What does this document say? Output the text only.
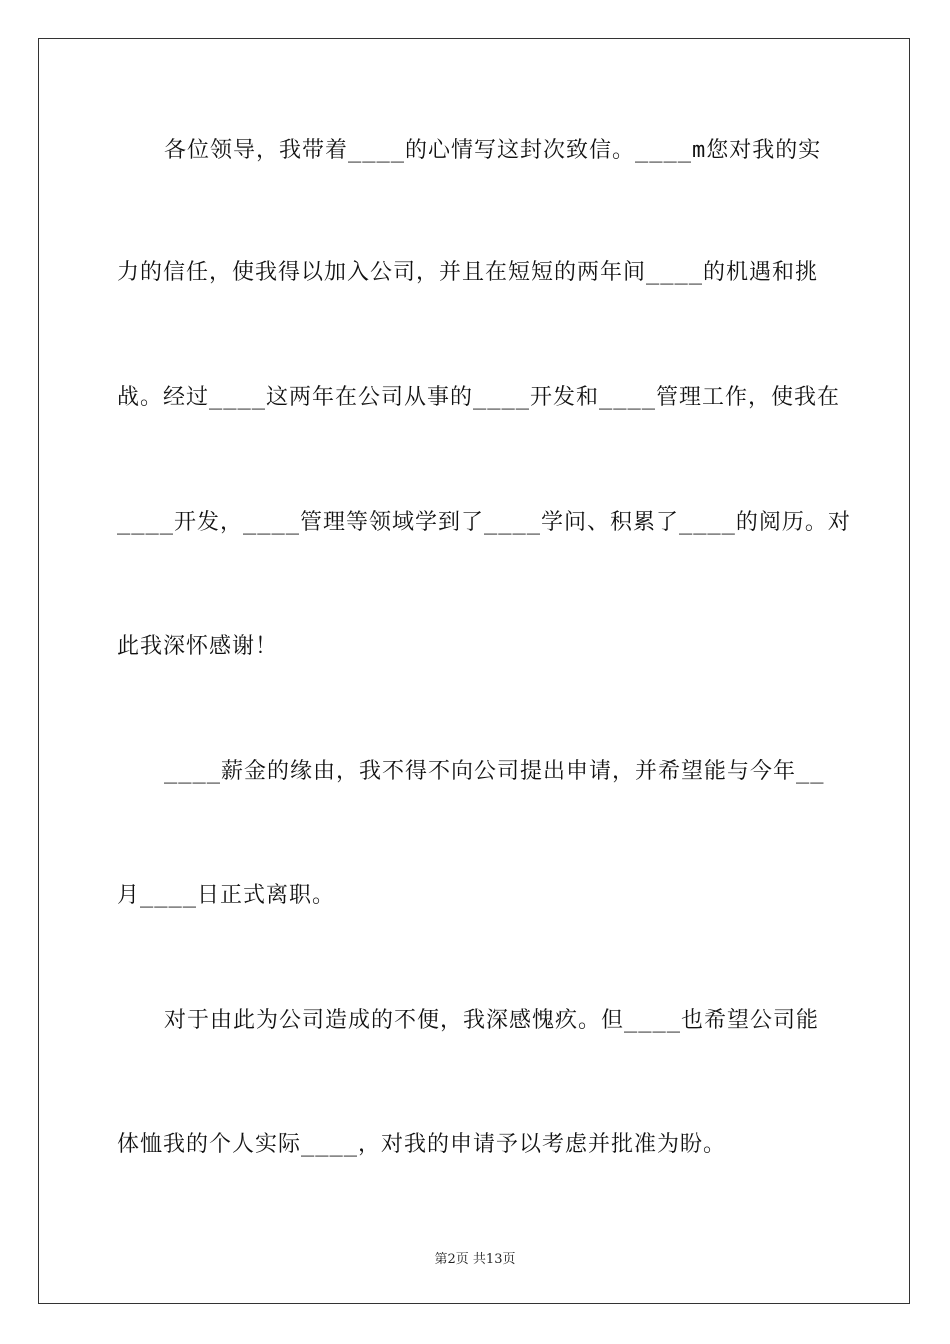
各位领导，我带着____的心情写这封次致信。____m您对我的实
力的信任，使我得以加入公司，并且在短短的两年间____的机遇和挑
战。经过____这两年在公司从事的____开发和____管理工作，使我在
____开发，____管理等领域学到了____学问、积累了____的阅历。对
此我深怀感谢！
____薪金的缘由，我不得不向公司提出申请，并希望能与今年__
月____日正式离职。
对于由此为公司造成的不便，我深感愧疚。但____也希望公司能
体恤我的个人实际____，对我的申请予以考虑并批准为盼。
第2页 共13页
